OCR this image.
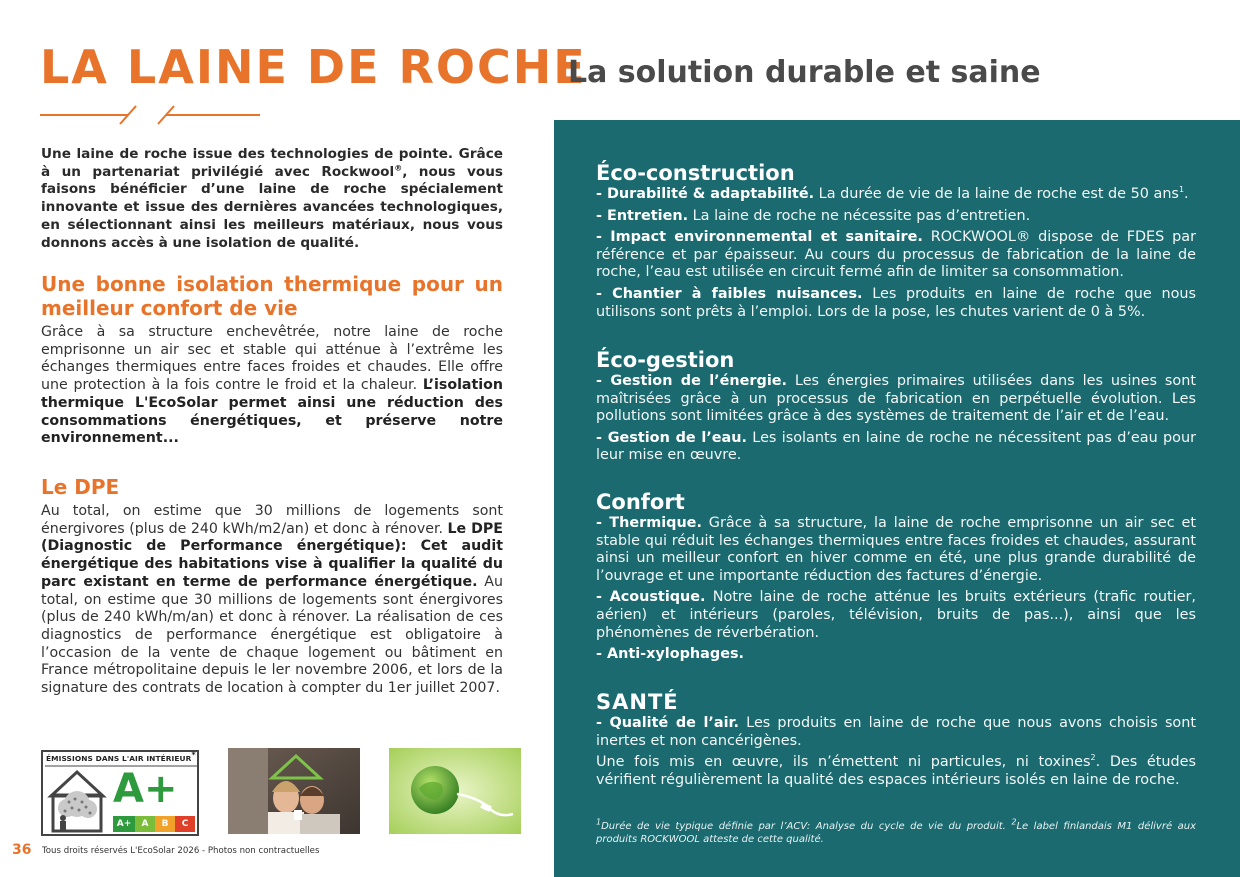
LA LAINE DE ROCHE
La solution durable et saine

Une laine de roche issue des technologies de pointe. Grâce à un partenariat privilégié avec Rockwool®, nous vous faisons bénéficier d’une laine de roche spécialement innovante et issue des dernières avancées technologiques, en sélectionnant ainsi les meilleurs matériaux, nous vous donnons accès à une isolation de qualité.

Une bonne isolation thermique pour un meilleur confort de vie

Grâce à sa structure enchevêtrée, notre laine de roche emprisonne un air sec et stable qui atténue à l’extrême les échanges thermiques entre faces froides et chaudes. Elle offre une protection à la fois contre le froid et la chaleur. L’isolation thermique L'EcoSolar permet ainsi une réduction des consommations énergétiques, et préserve notre environnement...

Le DPE

Au total, on estime que 30 millions de logements sont énergivores (plus de 240 kWh/m2/an) et donc à rénover. Le DPE (Diagnostic de Performance énergétique): Cet audit énergétique des habitations vise à qualifier la qualité du parc existant en terme de performance énergétique. Au total, on estime que 30 millions de logements sont énergivores (plus de 240 kWh/m/an) et donc à rénover. La réalisation de ces diagnostics de performance énergétique est obligatoire à l’occasion de la vente de chaque logement ou bâtiment en France métropolitaine depuis le ler novembre 2006, et lors de la signature des contrats de location à compter du 1er juillet 2007.

ÉMISSIONS DANS L'AIR INTÉRIEUR*
A+
A+	A	B	C
36 Tous droits réservés L'EcoSolar 2026 - Photos non contractuelles
Éco-construction

- Durabilité & adaptabilité. La durée de vie de la laine de roche est de 50 ans$^1$.

- Entretien. La laine de roche ne nécessite pas d’entretien.

- Impact environnemental et sanitaire. ROCKWOOL® dispose de FDES par référence et par épaisseur. Au cours du processus de fabrication de la laine de roche, l’eau est utilisée en circuit fermé afin de limiter sa consommation.

- Chantier à faibles nuisances. Les produits en laine de roche que nous utilisons sont prêts à l’emploi. Lors de la pose, les chutes varient de 0 à 5%.

Éco-gestion

- Gestion de l’énergie. Les énergies primaires utilisées dans les usines sont maîtrisées grâce à un processus de fabrication en perpétuelle évolution. Les pollutions sont limitées grâce à des systèmes de traitement de l’air et de l’eau.

- Gestion de l’eau. Les isolants en laine de roche ne nécessitent pas d’eau pour leur mise en œuvre.

Confort

- Thermique. Grâce à sa structure, la laine de roche emprisonne un air sec et stable qui réduit les échanges thermiques entre faces froides et chaudes, assurant ainsi un meilleur confort en hiver comme en été, une plus grande durabilité de l’ouvrage et une importante réduction des factures d’énergie.

- Acoustique. Notre laine de roche atténue les bruits extérieurs (trafic routier, aérien) et intérieurs (paroles, télévision, bruits de pas...), ainsi que les phénomènes de réverbération.

- Anti-xylophages.

SANTÉ

- Qualité de l’air. Les produits en laine de roche que nous avons choisis sont inertes et non cancérigènes.

Une fois mis en œuvre, ils n’émettent ni particules, ni toxines$^2$. Des études vérifient régulièrement la qualité des espaces intérieurs isolés en laine de roche.

$^1$Durée de vie typique définie par l’ACV: Analyse du cycle de vie du produit. $^2$Le label finlandais M1 délivré aux produits ROCKWOOL atteste de cette qualité.
